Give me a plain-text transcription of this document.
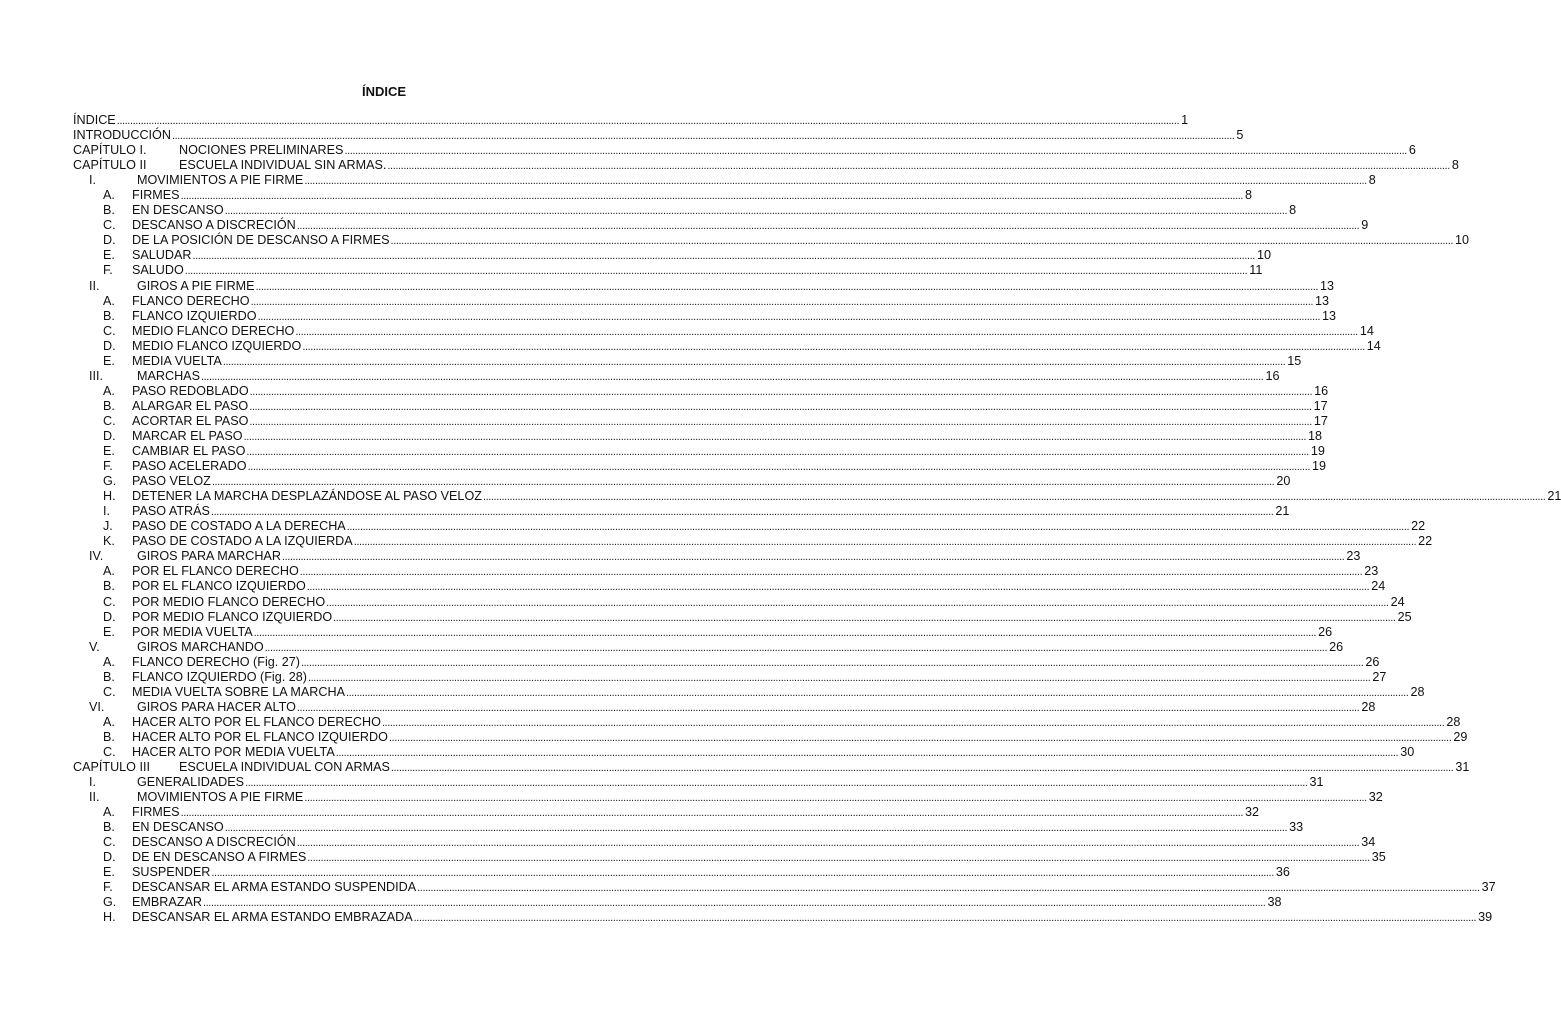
ÍNDICE
ÍNDICE ................................................................................................................................................................................................................................................................................................................................................................................................................ 1
INTRODUCCIÓN ................................................................................................................................................................................................................................................................................................................................................................................................................ 5
CAPÍTULO I.	NOCIONES PRELIMINARES ................................................................................................................................................................................................................................................................................................................................................................................................................ 6
CAPÍTULO II	ESCUELA INDIVIDUAL SIN ARMAS. ................................................................................................................................................................................................................................................................................................................................................................................................................ 8
I.	MOVIMIENTOS A PIE FIRME ................................................................................................................................................................................................................................................................................................................................................................................................................ 8
A.	FIRMES ................................................................................................................................................................................................................................................................................................................................................................................................................ 8
B.	EN DESCANSO ................................................................................................................................................................................................................................................................................................................................................................................................................ 8
C.	DESCANSO A DISCRECIÓN ................................................................................................................................................................................................................................................................................................................................................................................................................ 9
D.	DE LA POSICIÓN DE DESCANSO A FIRMES ................................................................................................................................................................................................................................................................................................................................................................................................................ 10
E.	SALUDAR ................................................................................................................................................................................................................................................................................................................................................................................................................ 10
F.	SALUDO ................................................................................................................................................................................................................................................................................................................................................................................................................ 11
II.	GIROS A PIE FIRME ................................................................................................................................................................................................................................................................................................................................................................................................................ 13
A.	FLANCO DERECHO ................................................................................................................................................................................................................................................................................................................................................................................................................ 13
B.	FLANCO IZQUIERDO ................................................................................................................................................................................................................................................................................................................................................................................................................ 13
C.	MEDIO FLANCO DERECHO ................................................................................................................................................................................................................................................................................................................................................................................................................ 14
D.	MEDIO FLANCO IZQUIERDO ................................................................................................................................................................................................................................................................................................................................................................................................................ 14
E.	MEDIA VUELTA ................................................................................................................................................................................................................................................................................................................................................................................................................ 15
III.	MARCHAS ................................................................................................................................................................................................................................................................................................................................................................................................................ 16
A.	PASO REDOBLADO ................................................................................................................................................................................................................................................................................................................................................................................................................ 16
B.	ALARGAR EL PASO ................................................................................................................................................................................................................................................................................................................................................................................................................ 17
C.	ACORTAR EL PASO ................................................................................................................................................................................................................................................................................................................................................................................................................ 17
D.	MARCAR EL PASO ................................................................................................................................................................................................................................................................................................................................................................................................................ 18
E.	CAMBIAR EL PASO ................................................................................................................................................................................................................................................................................................................................................................................................................ 19
F.	PASO ACELERADO ................................................................................................................................................................................................................................................................................................................................................................................................................ 19
G.	PASO VELOZ ................................................................................................................................................................................................................................................................................................................................................................................................................ 20
H.	DETENER LA MARCHA DESPLAZÁNDOSE AL PASO VELOZ ................................................................................................................................................................................................................................................................................................................................................................................................................ 21
I.	PASO ATRÁS ................................................................................................................................................................................................................................................................................................................................................................................................................ 21
J.	PASO DE COSTADO A LA DERECHA ................................................................................................................................................................................................................................................................................................................................................................................................................ 22
K.	PASO DE COSTADO A LA IZQUIERDA ................................................................................................................................................................................................................................................................................................................................................................................................................ 22
IV.	GIROS PARA MARCHAR ................................................................................................................................................................................................................................................................................................................................................................................................................ 23
A.	POR EL FLANCO DERECHO ................................................................................................................................................................................................................................................................................................................................................................................................................ 23
B.	POR EL FLANCO IZQUIERDO ................................................................................................................................................................................................................................................................................................................................................................................................................ 24
C.	POR MEDIO FLANCO DERECHO ................................................................................................................................................................................................................................................................................................................................................................................................................ 24
D.	POR MEDIO FLANCO IZQUIERDO ................................................................................................................................................................................................................................................................................................................................................................................................................ 25
E.	POR MEDIA VUELTA ................................................................................................................................................................................................................................................................................................................................................................................................................ 26
V.	GIROS MARCHANDO ................................................................................................................................................................................................................................................................................................................................................................................................................ 26
A.	FLANCO DERECHO (Fig. 27) ................................................................................................................................................................................................................................................................................................................................................................................................................ 26
B.	FLANCO IZQUIERDO (Fig. 28) ................................................................................................................................................................................................................................................................................................................................................................................................................ 27
C.	MEDIA VUELTA SOBRE LA MARCHA ................................................................................................................................................................................................................................................................................................................................................................................................................ 28
VI.	GIROS PARA HACER ALTO ................................................................................................................................................................................................................................................................................................................................................................................................................ 28
A.	HACER ALTO POR EL FLANCO DERECHO ................................................................................................................................................................................................................................................................................................................................................................................................................ 28
B.	HACER ALTO POR EL FLANCO IZQUIERDO ................................................................................................................................................................................................................................................................................................................................................................................................................ 29
C.	HACER ALTO POR MEDIA VUELTA ................................................................................................................................................................................................................................................................................................................................................................................................................ 30
CAPÍTULO III	ESCUELA INDIVIDUAL CON ARMAS ................................................................................................................................................................................................................................................................................................................................................................................................................ 31
I.	GENERALIDADES ................................................................................................................................................................................................................................................................................................................................................................................................................ 31
II.	MOVIMIENTOS A PIE FIRME ................................................................................................................................................................................................................................................................................................................................................................................................................ 32
A.	FIRMES ................................................................................................................................................................................................................................................................................................................................................................................................................ 32
B.	EN DESCANSO ................................................................................................................................................................................................................................................................................................................................................................................................................ 33
C.	DESCANSO A DISCRECIÓN ................................................................................................................................................................................................................................................................................................................................................................................................................ 34
D.	DE EN DESCANSO A FIRMES ................................................................................................................................................................................................................................................................................................................................................................................................................ 35
E.	SUSPENDER ................................................................................................................................................................................................................................................................................................................................................................................................................ 36
F.	DESCANSAR EL ARMA ESTANDO SUSPENDIDA ................................................................................................................................................................................................................................................................................................................................................................................................................ 37
G.	EMBRAZAR ................................................................................................................................................................................................................................................................................................................................................................................................................ 38
H.	DESCANSAR EL ARMA ESTANDO EMBRAZADA ................................................................................................................................................................................................................................................................................................................................................................................................................ 39
